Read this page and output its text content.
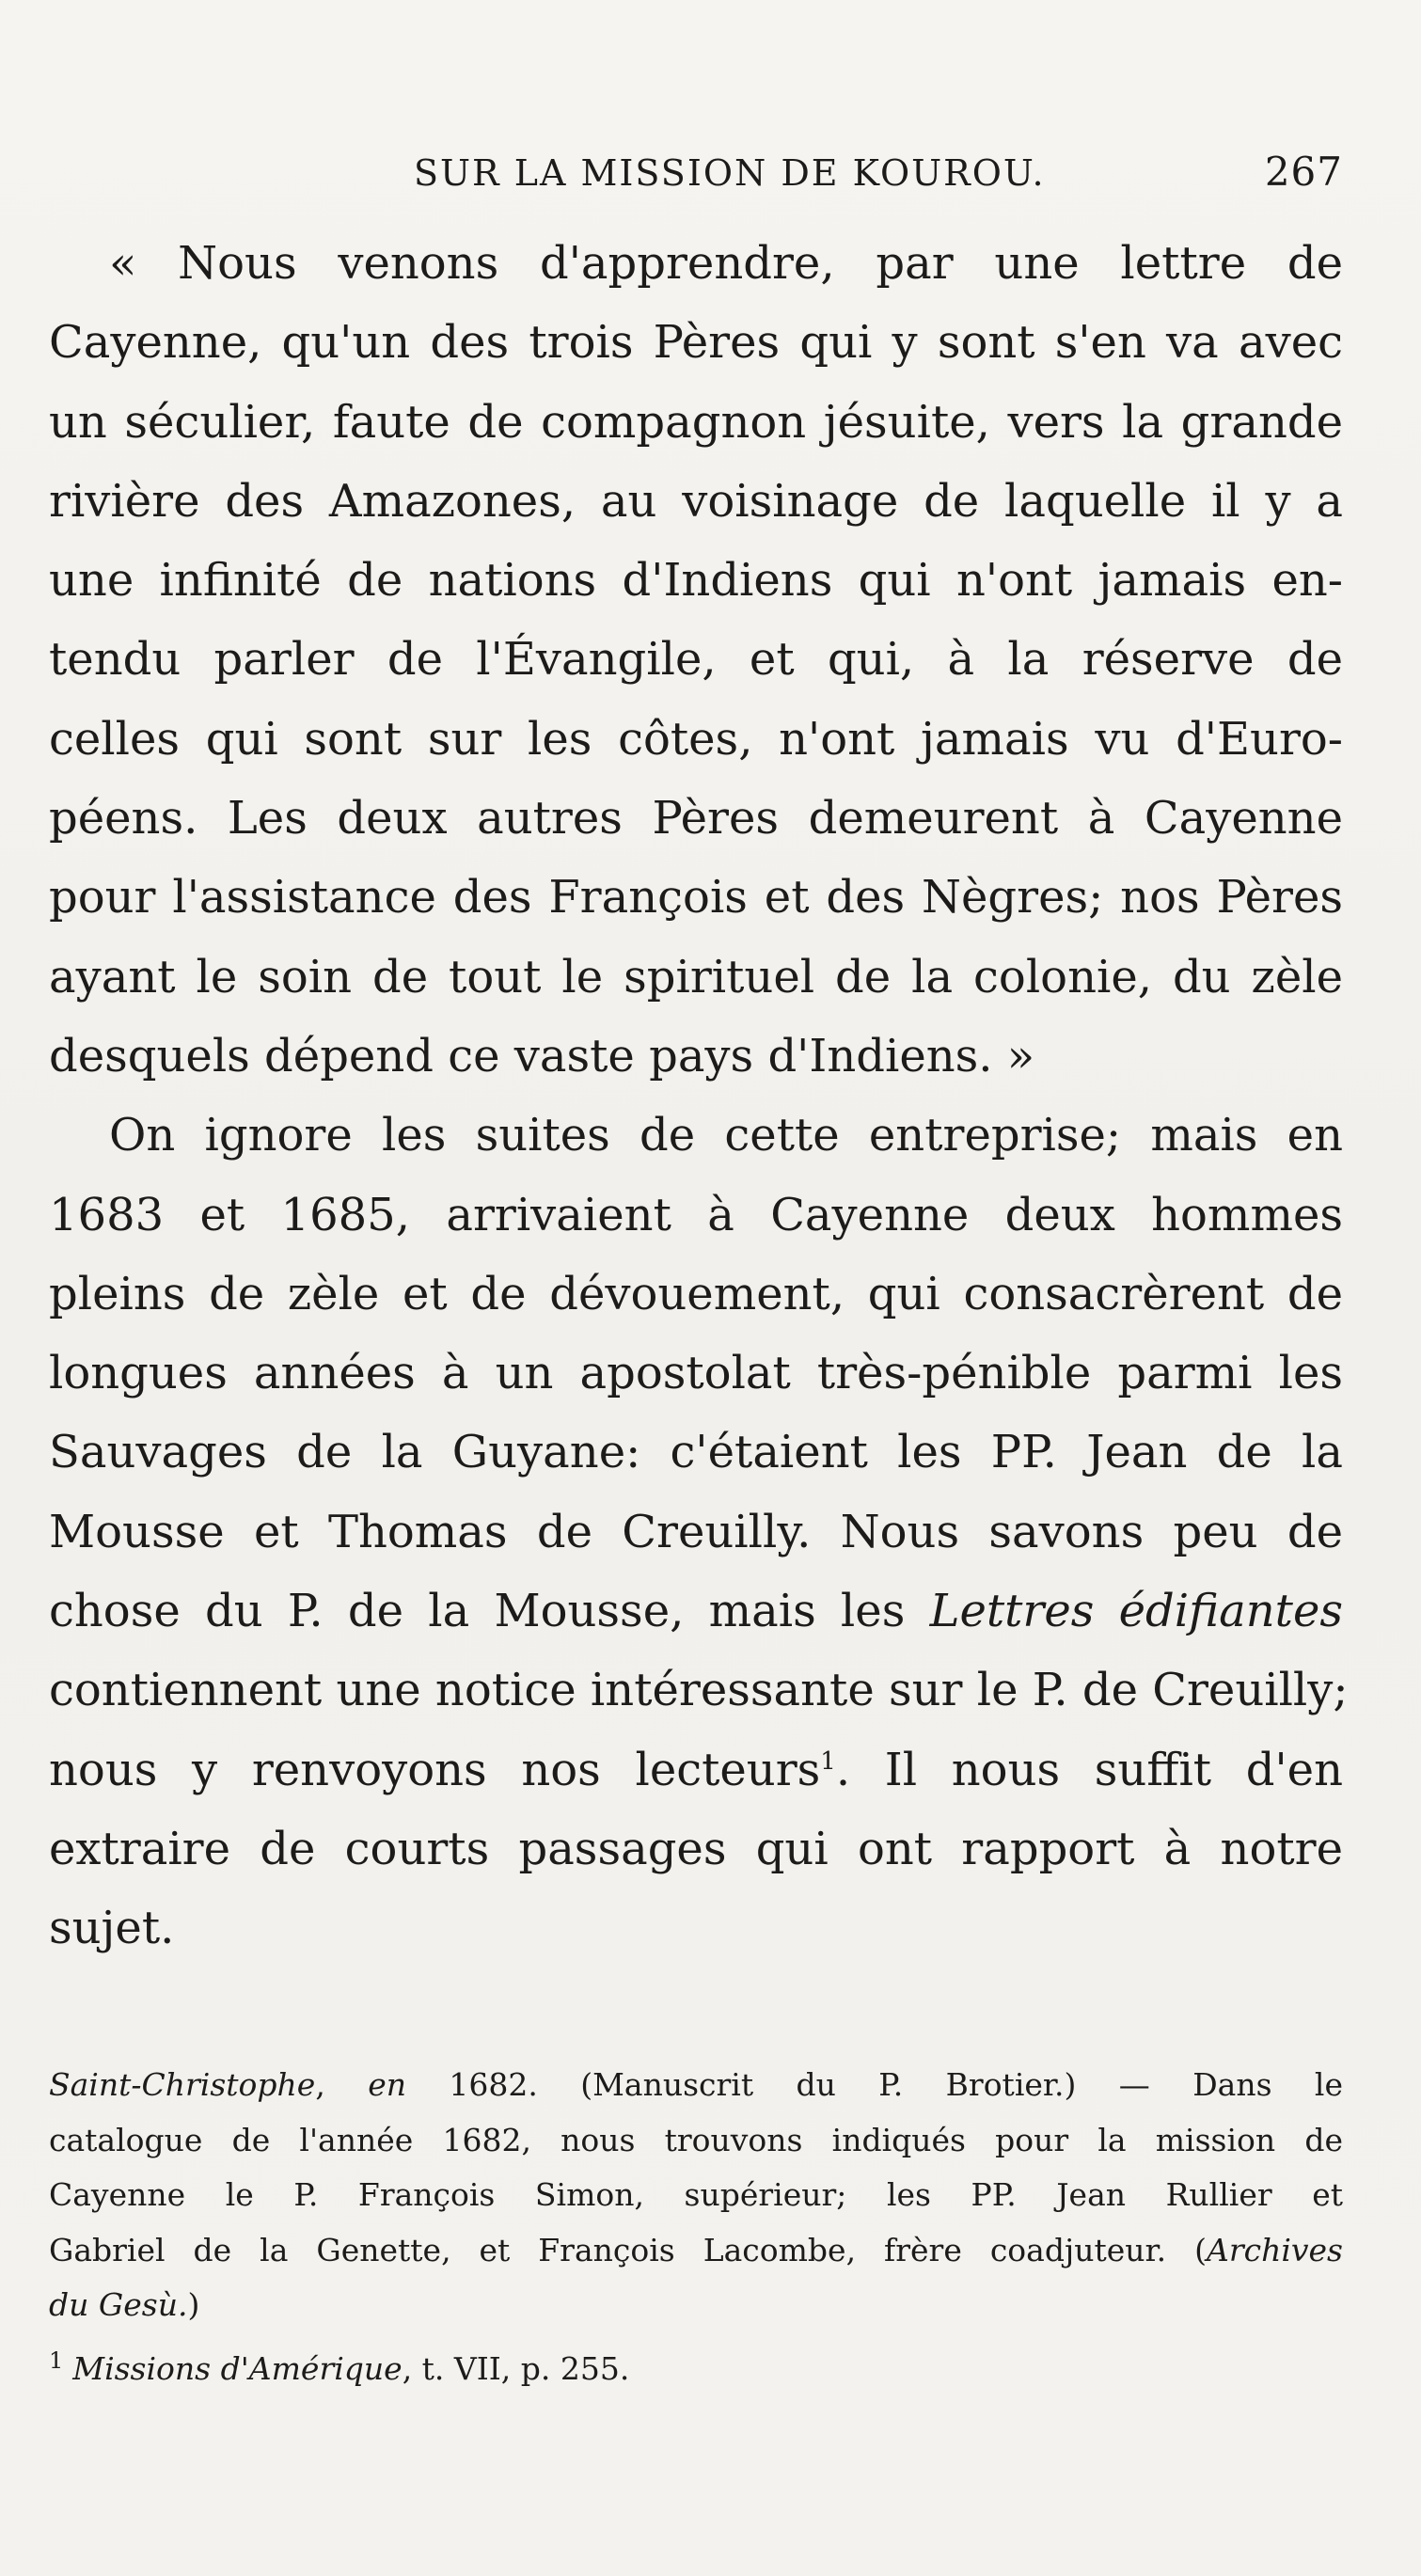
SUR LA MISSION DE KOUROU.	267
« Nous venons d'apprendre, par une lettre de
Cayenne, qu'un des trois Pères qui y sont s'en va avec
un séculier, faute de compagnon jésuite, vers la grande
rivière des Amazones, au voisinage de laquelle il y a
une infinité de nations d'Indiens qui n'ont jamais en-
tendu parler de l'Évangile, et qui, à la réserve de
celles qui sont sur les côtes, n'ont jamais vu d'Euro-
péens. Les deux autres Pères demeurent à Cayenne
pour l'assistance des François et des Nègres; nos Pères
ayant le soin de tout le spirituel de la colonie, du zèle
desquels dépend ce vaste pays d'Indiens. »
On ignore les suites de cette entreprise; mais en
1683 et 1685, arrivaient à Cayenne deux hommes
pleins de zèle et de dévouement, qui consacrèrent de
longues années à un apostolat très-pénible parmi les
Sauvages de la Guyane: c'étaient les PP. Jean de la
Mousse et Thomas de Creuilly. Nous savons peu de
chose du P. de la Mousse, mais les Lettres édifiantes
contiennent une notice intéressante sur le P. de Creuilly;
nous y renvoyons nos lecteurs$^1$. Il nous suffit d'en
extraire de courts passages qui ont rapport à notre
sujet.
Saint-Christophe, en 1682. (Manuscrit du P. Brotier.) — Dans le
catalogue de l'année 1682, nous trouvons indiqués pour la mission de
Cayenne le P. François Simon, supérieur; les PP. Jean Rullier et
Gabriel de la Genette, et François Lacombe, frère coadjuteur. (Archives
du Gesù.)
$^1$ Missions d'Amérique, t. VII, p. 255.
